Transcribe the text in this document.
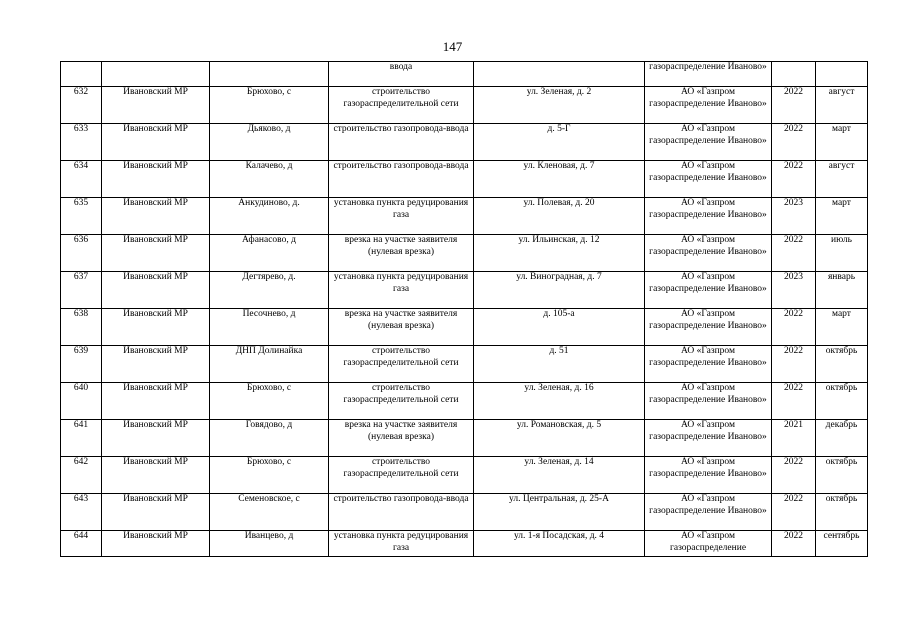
147
			ввода		газораспределение Иваново»		
632	Ивановский МР	Брюхово, с	строительство газораспределительной сети	ул. Зеленая, д. 2	АО «Газпром газораспределение Иваново»	2022	август
633	Ивановский МР	Дьяково, д	строительство газопровода-ввода	д. 5-Г	АО «Газпром газораспределение Иваново»	2022	март
634	Ивановский МР	Калачево, д	строительство газопровода-ввода	ул. Кленовая, д. 7	АО «Газпром газораспределение Иваново»	2022	август
635	Ивановский МР	Анкудиново, д.	установка пункта редуцирования газа	ул. Полевая, д. 20	АО «Газпром газораспределение Иваново»	2023	март
636	Ивановский МР	Афанасово, д	врезка на участке заявителя (нулевая врезка)	ул. Ильинская, д. 12	АО «Газпром газораспределение Иваново»	2022	июль
637	Ивановский МР	Дегтярево, д.	установка пункта редуцирования газа	ул. Виноградная, д. 7	АО «Газпром газораспределение Иваново»	2023	январь
638	Ивановский МР	Песочнево, д	врезка на участке заявителя (нулевая врезка)	д. 105-а	АО «Газпром газораспределение Иваново»	2022	март
639	Ивановский МР	ДНП Долинайка	строительство газораспределительной сети	д. 51	АО «Газпром газораспределение Иваново»	2022	октябрь
640	Ивановский МР	Брюхово, с	строительство газораспределительной сети	ул. Зеленая, д. 16	АО «Газпром газораспределение Иваново»	2022	октябрь
641	Ивановский МР	Говядово, д	врезка на участке заявителя (нулевая врезка)	ул. Романовская, д. 5	АО «Газпром газораспределение Иваново»	2021	декабрь
642	Ивановский МР	Брюхово, с	строительство газораспределительной сети	ул. Зеленая, д. 14	АО «Газпром газораспределение Иваново»	2022	октябрь
643	Ивановский МР	Семеновское, с	строительство газопровода-ввода	ул. Центральная, д. 25-А	АО «Газпром газораспределение Иваново»	2022	октябрь
644	Ивановский МР	Иванцево, д	установка пункта редуцирования газа	ул. 1-я Посадская, д. 4	АО «Газпром газораспределение	2022	сентябрь
